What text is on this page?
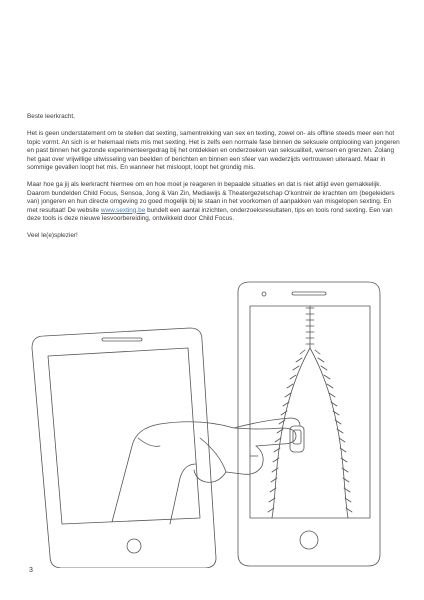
Beste leerkracht,

Het is geen understatement om te stellen dat sexting, samentrekking van sex en texting, zowel on- als offline steeds meer een hot topic vormt. An sich is er helemaal niets mis met sexting. Het is zelfs een normale fase binnen de seksuele ontplooiing van jongeren en past binnen het gezonde experimenteergedrag bij het ontdekken en onderzoeken van seksualiteit, wensen en grenzen. Zolang het gaat over vrijwillige uitwisseling van beelden of berichten en binnen een sfeer van wederzijds vertrouwen uiteraard. Maar in sommige gevallen loopt het mis. En wanneer het misloopt, loopt het grondig mis.

Maar hoe ga jij als leerkracht hiermee om en hoe moet je reageren in bepaalde situaties en dat is niet altijd even gemakkelijk. Daarom bundelden Child Focus, Sensoa, Jong & Van Zin, Mediawijs & Theatergezelschap O'kontreir de krachten om (begeleiders van) jongeren en hun directe omgeving zo goed mogelijk bij te staan in het voorkomen of aanpakken van misgelopen sexting. En met resultaat! De website www.sexting.be bundelt een aantal inzichten, onderzoeksresultaten, tips en tools rond sexting. Een van deze tools is deze nieuwe lesvoorbereiding, ontwikkeld door Child Focus.

Veel le(e)splezier!

3
